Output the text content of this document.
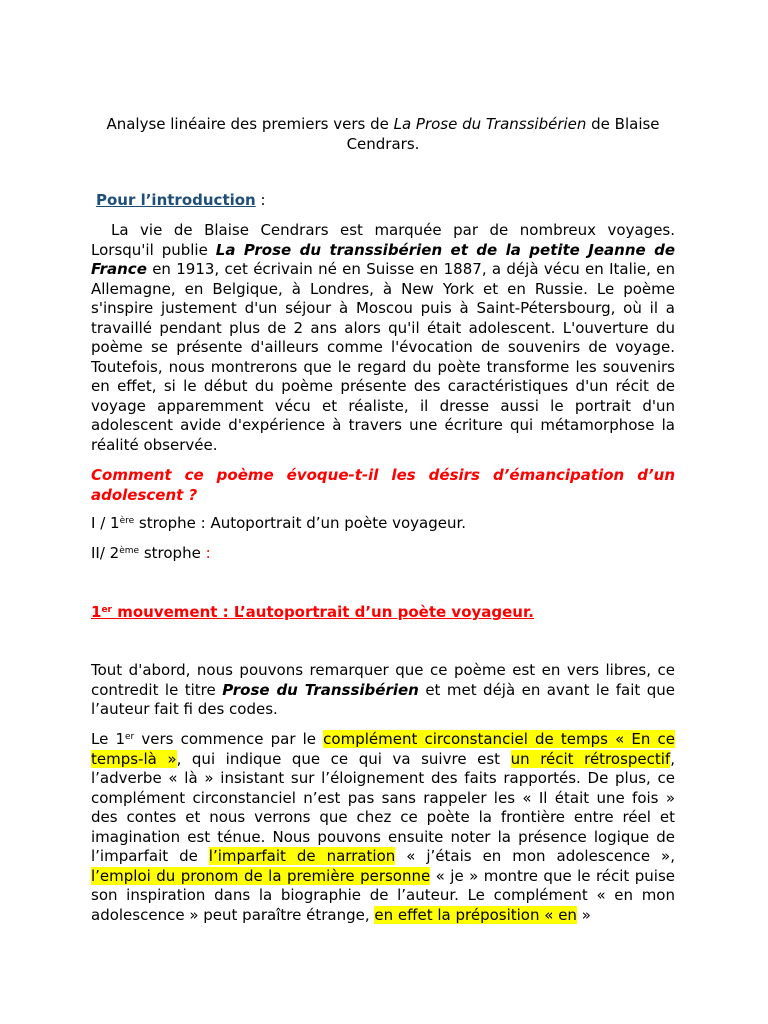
Analyse linéaire des premiers vers de La Prose du Transsibérien de Blaise Cendrars.

Pour l’introduction :

La vie de Blaise Cendrars est marquée par de nombreux voyages. Lorsqu'il publie La Prose du transsibérien et de la petite Jeanne de France en 1913, cet écrivain né en Suisse en 1887, a déjà vécu en Italie, en Allemagne, en Belgique, à Londres, à New York et en Russie. Le poème s'inspire justement d'un séjour à Moscou puis à Saint-Pétersbourg, où il a travaillé pendant plus de 2 ans alors qu'il était adolescent. L'ouverture du poème se présente d'ailleurs comme l'évocation de souvenirs de voyage. Toutefois, nous montrerons que le regard du poète transforme les souvenirs en effet, si le début du poème présente des caractéristiques d'un récit de voyage apparemment vécu et réaliste, il dresse aussi le portrait d'un adolescent avide d'expérience à travers une écriture qui métamorphose la réalité observée.

Comment ce poème évoque-t-il les désirs d’émancipation d’un adolescent ?

I / 1ère strophe : Autoportrait d’un poète voyageur.

II/ 2ème strophe :

1er mouvement : L’autoportrait d’un poète voyageur.

Tout d'abord, nous pouvons remarquer que ce poème est en vers libres, ce contredit le titre Prose du Transsibérien et met déjà en avant le fait que l’auteur fait fi des codes.

Le 1er vers commence par le complément circonstanciel de temps « En ce temps-là », qui indique que ce qui va suivre est un récit rétrospectif, l’adverbe « là » insistant sur l’éloignement des faits rapportés. De plus, ce complément circonstanciel n’est pas sans rappeler les « Il était une fois » des contes et nous verrons que chez ce poète la frontière entre réel et imagination est ténue. Nous pouvons ensuite noter la présence logique de l’imparfait de l’imparfait de narration « j’étais en mon adolescence », l’emploi du pronom de la première personne « je » montre que le récit puise son inspiration dans la biographie de l’auteur. Le complément « en mon adolescence » peut paraître étrange, en effet la préposition « en »
